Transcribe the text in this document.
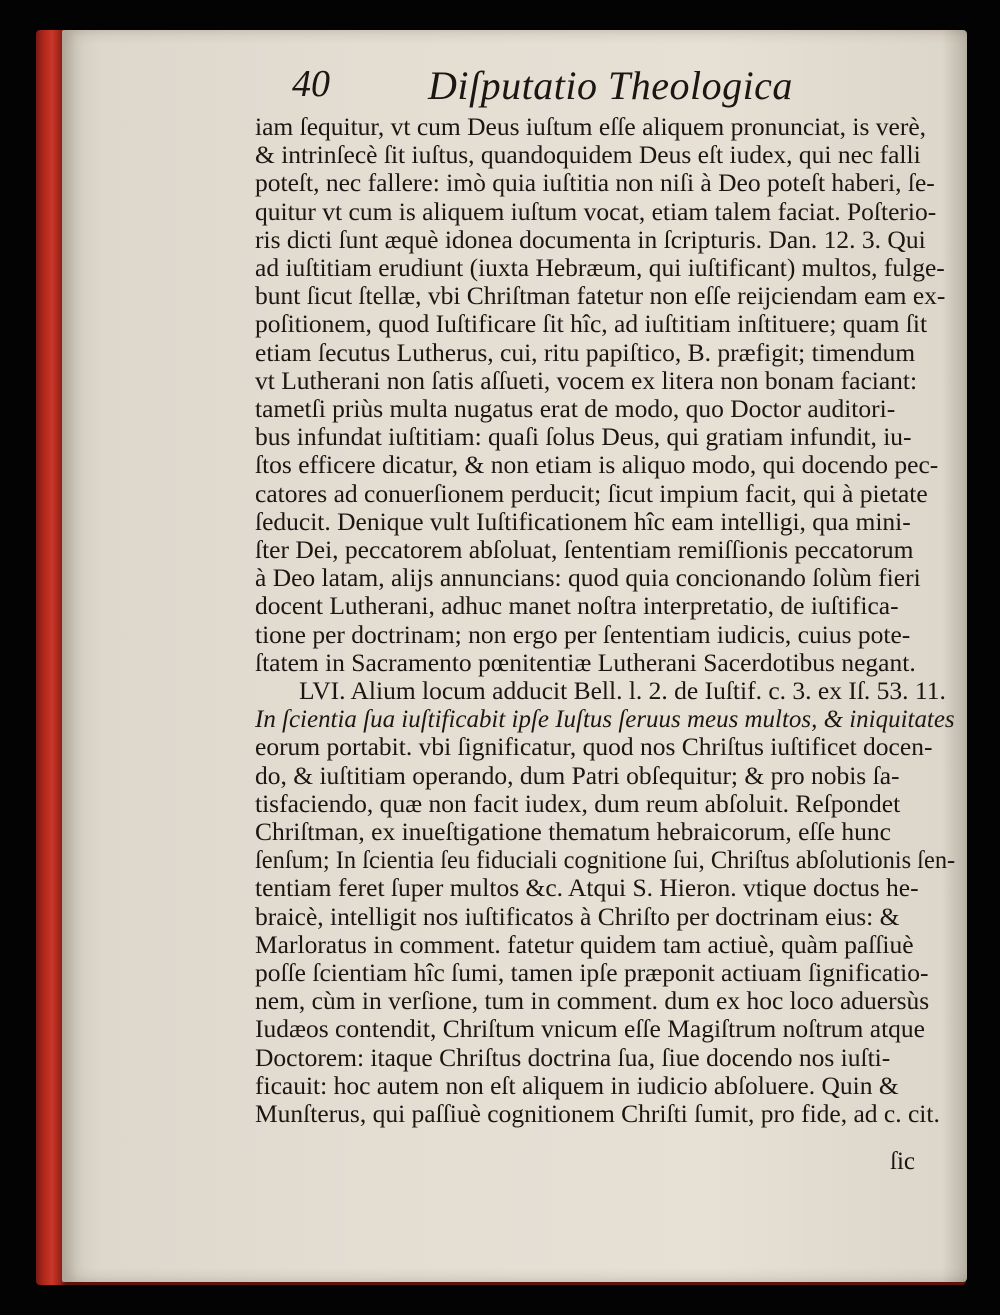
40 Diſputatio Theologica
iam ſequitur, vt cum Deus iuſtum eſſe aliquem pronunciat, is verè,
& intrinſecè ſit iuſtus, quandoquidem Deus eſt iudex, qui nec falli
poteſt, nec fallere: imò quia iuſtitia non niſi à Deo poteſt haberi, ſe-
quitur vt cum is aliquem iuſtum vocat, etiam talem faciat. Poſterio-
ris dicti ſunt æquè idonea documenta in ſcripturis. Dan. 12. 3. Qui
ad iuſtitiam erudiunt (iuxta Hebræum, qui iuſtificant) multos, fulge-
bunt ſicut ſtellæ, vbi Chriſtman fatetur non eſſe reijciendam eam ex-
poſitionem, quod Iuſtificare ſit hîc, ad iuſtitiam inſtituere; quam ſit
etiam ſecutus Lutherus, cui, ritu papiſtico, B. præfigit; timendum
vt Lutherani non ſatis aſſueti, vocem ex litera non bonam faciant:
tametſi priùs multa nugatus erat de modo, quo Doctor auditori-
bus infundat iuſtitiam: quaſi ſolus Deus, qui gratiam infundit, iu-
ſtos efficere dicatur, & non etiam is aliquo modo, qui docendo pec-
catores ad conuerſionem perducit; ſicut impium facit, qui à pietate
ſeducit. Denique vult Iuſtificationem hîc eam intelligi, qua mini-
ſter Dei, peccatorem abſoluat, ſententiam remiſſionis peccatorum
à Deo latam, alijs annuncians: quod quia concionando ſolùm fieri
docent Lutherani, adhuc manet noſtra interpretatio, de iuſtifica-
tione per doctrinam; non ergo per ſententiam iudicis, cuius pote-
ſtatem in Sacramento pœnitentiæ Lutherani Sacerdotibus negant.
LVI. Alium locum adducit Bell. l. 2. de Iuſtif. c. 3. ex Iſ. 53. 11.
In ſcientia ſua iuſtificabit ipſe Iuſtus ſeruus meus multos, & iniquitates
eorum portabit. vbi ſignificatur, quod nos Chriſtus iuſtificet docen-
do, & iuſtitiam operando, dum Patri obſequitur; & pro nobis ſa-
tisfaciendo, quæ non facit iudex, dum reum abſoluit. Reſpondet
Chriſtman, ex inueſtigatione thematum hebraicorum, eſſe hunc
ſenſum; In ſcientia ſeu fiduciali cognitione ſui, Chriſtus abſolutionis ſen-
tentiam feret ſuper multos &c. Atqui S. Hieron. vtique doctus he-
braicè, intelligit nos iuſtificatos à Chriſto per doctrinam eius: &
Marloratus in comment. fatetur quidem tam actiuè, quàm paſſiuè
poſſe ſcientiam hîc ſumi, tamen ipſe præponit actiuam ſignificatio-
nem, cùm in verſione, tum in comment. dum ex hoc loco aduersùs
Iudæos contendit, Chriſtum vnicum eſſe Magiſtrum noſtrum atque
Doctorem: itaque Chriſtus doctrina ſua, ſiue docendo nos iuſti-
ficauit: hoc autem non eſt aliquem in iudicio abſoluere. Quin &
Munſterus, qui paſſiuè cognitionem Chriſti ſumit, pro fide, ad c. cit.
ſic
